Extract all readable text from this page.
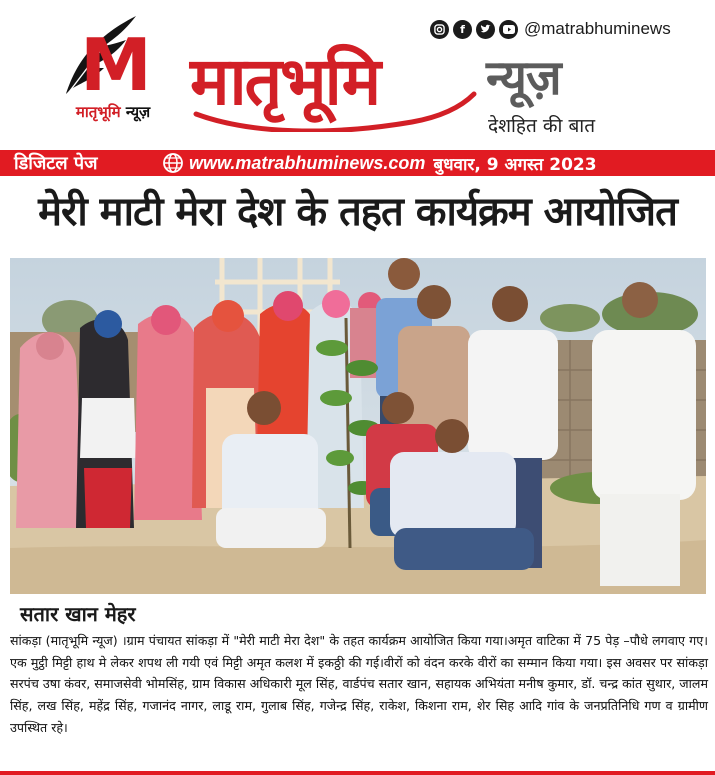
M
मातृभूमि न्यूज़ मातृभूमि न्यूज़
देशहित की बात
f	@matrabhuminews
डिजिटल पेज	www.matrabhuminews.com बुधवार, 9 अगस्त 2023
मेरी माटी मेरा देश के तहत कार्यक्रम आयोजित
सतार खान मेहर

सांकड़ा (मातृभूमि न्यूज) ।ग्राम पंचायत सांकड़ा में "मेरी माटी मेरा देश" के तहत कार्यक्रम आयोजित किया गया।अमृत वाटिका में 75 पेड़ –पौधे लगवाए गए।एक मुट्ठी मिट्टी हाथ मे लेकर शपथ ली गयी एवं मिट्टी अमृत कलश में इकठ्ठी की गई।वीरों को वंदन करके वीरों का सम्मान किया गया। इस अवसर पर सांकड़ा सरपंच उषा कंवर, समाजसेवी भोमसिंह, ग्राम विकास अधिकारी मूल सिंह, वार्डपंच सतार खान, सहायक अभियंता मनीष कुमार, डॉ. चन्द्र कांत सुथार, जालम सिंह, लख सिंह, महेंद्र सिंह, गजानंद नागर, लाडू राम, गुलाब सिंह, गजेन्द्र सिंह, राकेश, किशना राम, शेर सिह आदि गांव के जनप्रतिनिधि गण व ग्रामीण उपस्थित रहे।
